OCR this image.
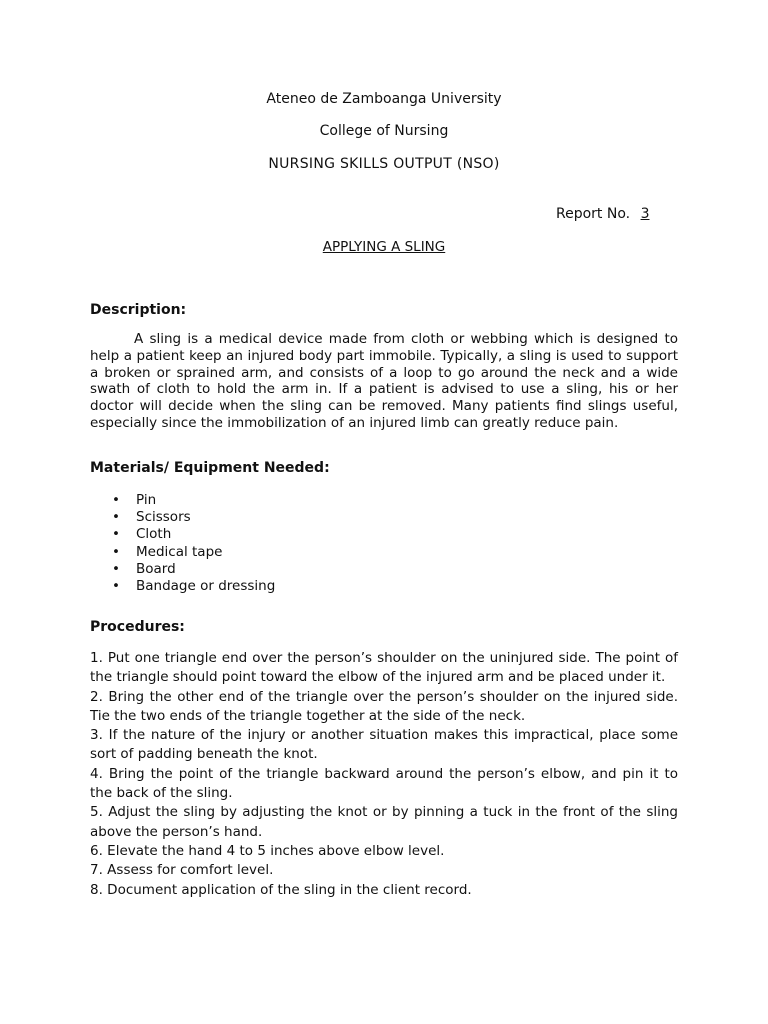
Ateneo de Zamboanga University
College of Nursing
NURSING SKILLS OUTPUT (NSO)
Report No. 3
APPLYING A SLING
Description:

A sling is a medical device made from cloth or webbing which is designed to help a patient keep an injured body part immobile. Typically, a sling is used to support a broken or sprained arm, and consists of a loop to go around the neck and a wide swath of cloth to hold the arm in. If a patient is advised to use a sling, his or her doctor will decide when the sling can be removed. Many patients find slings useful, especially since the immobilization of an injured limb can greatly reduce pain.

Materials/ Equipment Needed:
• Pin
• Scissors
• Cloth
• Medical tape
• Board
• Bandage or dressing
Procedures:
1. Put one triangle end over the person’s shoulder on the uninjured side. The point of the triangle should point toward the elbow of the injured arm and be placed under it.
2. Bring the other end of the triangle over the person’s shoulder on the injured side. Tie the two ends of the triangle together at the side of the neck.
3. If the nature of the injury or another situation makes this impractical, place some sort of padding beneath the knot.
4. Bring the point of the triangle backward around the person’s elbow, and pin it to the back of the sling.
5. Adjust the sling by adjusting the knot or by pinning a tuck in the front of the sling above the person’s hand.
6. Elevate the hand 4 to 5 inches above elbow level.
7. Assess for comfort level.
8. Document application of the sling in the client record.
